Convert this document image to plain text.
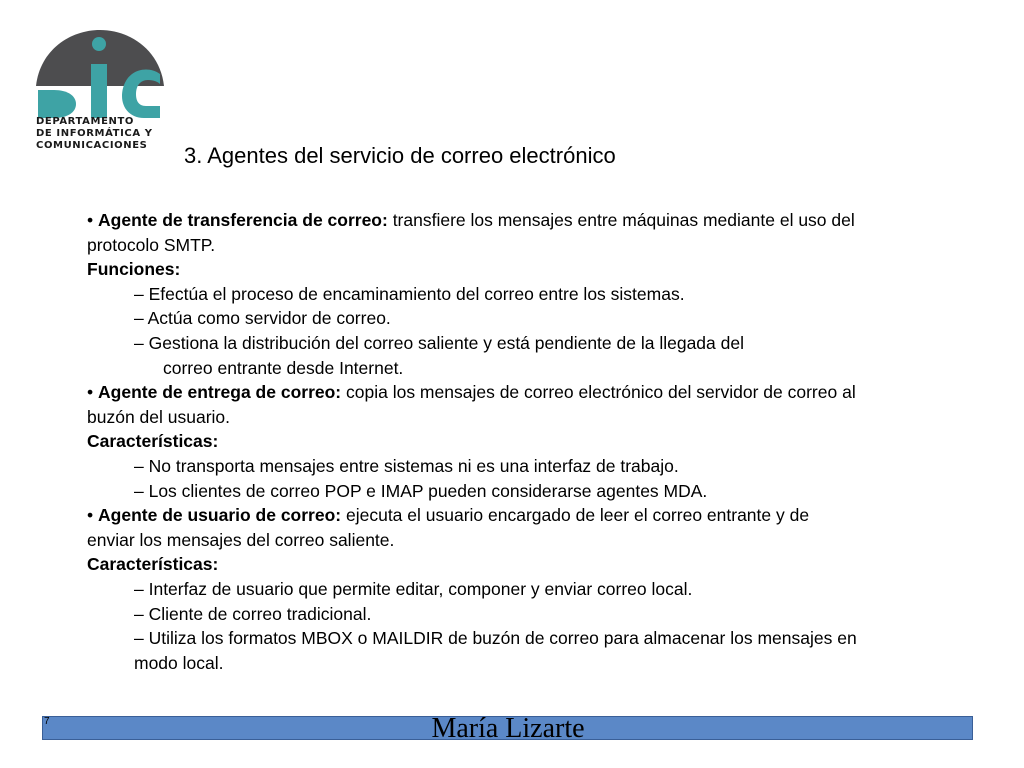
DEPARTAMENTO
DE INFORMÁTICA Y
COMUNICACIONES 3. Agentes del servicio de correo electrónico
• Agente de transferencia de correo: transfiere los mensajes entre máquinas mediante el uso del
protocolo SMTP.
Funciones:
– Efectúa el proceso de encaminamiento del correo entre los sistemas.
– Actúa como servidor de correo.
– Gestiona la distribución del correo saliente y está pendiente de la llegada del
correo entrante desde Internet.
• Agente de entrega de correo: copia los mensajes de correo electrónico del servidor de correo al
buzón del usuario.
Características:
– No transporta mensajes entre sistemas ni es una interfaz de trabajo.
– Los clientes de correo POP e IMAP pueden considerarse agentes MDA.
• Agente de usuario de correo: ejecuta el usuario encargado de leer el correo entrante y de
enviar los mensajes del correo saliente.
Características:
– Interfaz de usuario que permite editar, componer y enviar correo local.
– Cliente de correo tradicional.
– Utiliza los formatos MBOX o MAILDIR de buzón de correo para almacenar los mensajes en
modo local.
7	María Lizarte
